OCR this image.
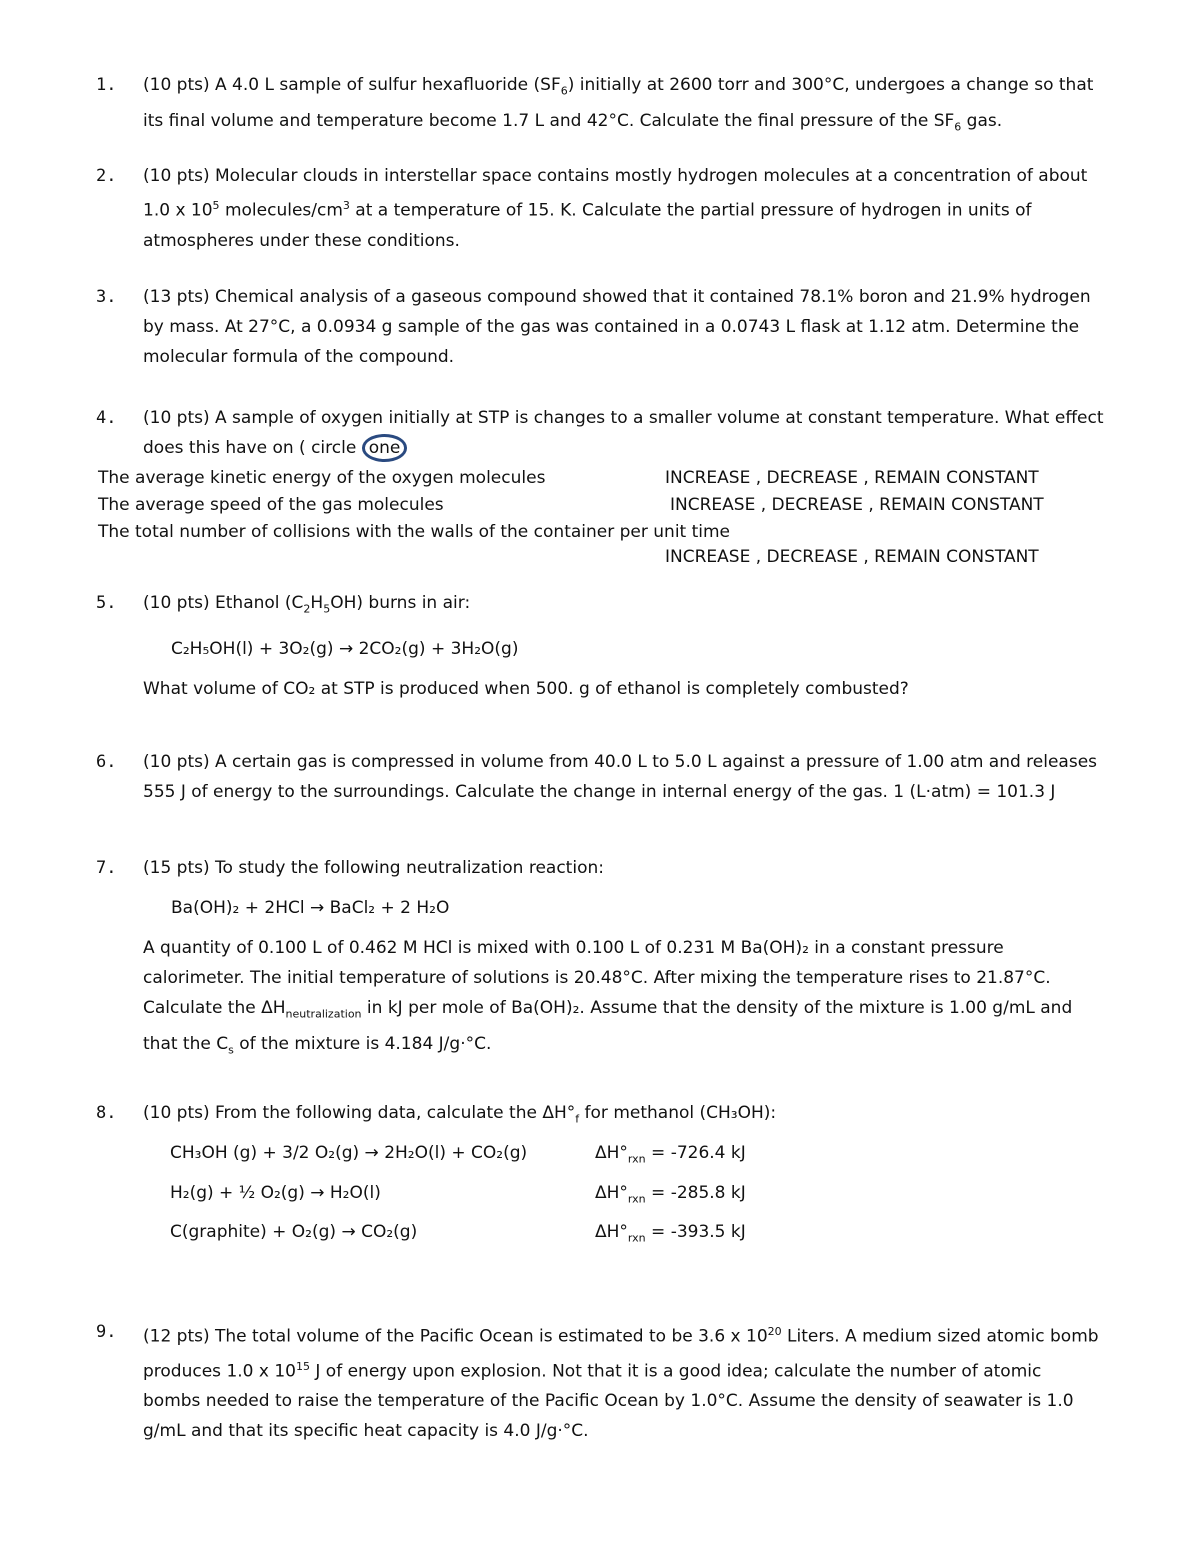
1. (10 pts) A 4.0 L sample of sulfur hexafluoride $(SF_6)$ initially at 2600 torr and 300°C, undergoes a change so that
its final volume and temperature become 1.7 L and 42°C. Calculate the final pressure of the $SF_6$ gas.
2. (10 pts) Molecular clouds in interstellar space contains mostly hydrogen molecules at a concentration of about
1.0 x $10^5$ molecules/$cm^3$ at a temperature of 15. K. Calculate the partial pressure of hydrogen in units of
atmospheres under these conditions.
3. (13 pts) Chemical analysis of a gaseous compound showed that it contained 78.1% boron and 21.9% hydrogen
by mass. At 27°C, a 0.0934 g sample of the gas was contained in a 0.0743 L flask at 1.12 atm. Determine the
molecular formula of the compound.
4. (10 pts) A sample of oxygen initially at STP is changes to a smaller volume at constant temperature. What effect
does this have on ( circle one
The average kinetic energy of the oxygen molecules	INCREASE , DECREASE , REMAIN CONSTANT
The average speed of the gas molecules	INCREASE , DECREASE , REMAIN CONSTANT
The total number of collisions with the walls of the container per unit time
INCREASE , DECREASE , REMAIN CONSTANT
5. (10 pts) Ethanol $(C_2H_5OH)$ burns in air:
C₂H₅OH(l) + 3O₂(g) → 2CO₂(g) + 3H₂O(g)
What volume of CO₂ at STP is produced when 500. g of ethanol is completely combusted?
6. (10 pts) A certain gas is compressed in volume from 40.0 L to 5.0 L against a pressure of 1.00 atm and releases
555 J of energy to the surroundings. Calculate the change in internal energy of the gas. 1 (L·atm) = 101.3 J
7. (15 pts) To study the following neutralization reaction:
Ba(OH)₂ + 2HCl → BaCl₂ + 2 H₂O
A quantity of 0.100 L of 0.462 M HCl is mixed with 0.100 L of 0.231 M Ba(OH)₂ in a constant pressure
calorimeter. The initial temperature of solutions is 20.48°C. After mixing the temperature rises to 21.87°C.
Calculate the $\Delta H_{neutralization}$ in kJ per mole of Ba(OH)₂. Assume that the density of the mixture is 1.00 g/mL and
that the $C_s$ of the mixture is 4.184 J/g·°C.
8. (10 pts) From the following data, calculate the $\Delta H^\circ_f$ for methanol (CH₃OH):
CH₃OH (g) + 3/2 O₂(g) → 2H₂O(l) + CO₂(g)	$\Delta H^\circ_{rxn} = -726.4$ kJ
H₂(g) + ½ O₂(g) → H₂O(l)	$\Delta H^\circ_{rxn} = -285.8$ kJ
C(graphite) + O₂(g) → CO₂(g)	$\Delta H^\circ_{rxn} = -393.5$ kJ
9. (12 pts) The total volume of the Pacific Ocean is estimated to be 3.6 x $10^{20}$ Liters. A medium sized atomic bomb
produces 1.0 x $10^{15}$ J of energy upon explosion. Not that it is a good idea; calculate the number of atomic
bombs needed to raise the temperature of the Pacific Ocean by 1.0°C. Assume the density of seawater is 1.0
g/mL and that its specific heat capacity is 4.0 J/g·°C.
